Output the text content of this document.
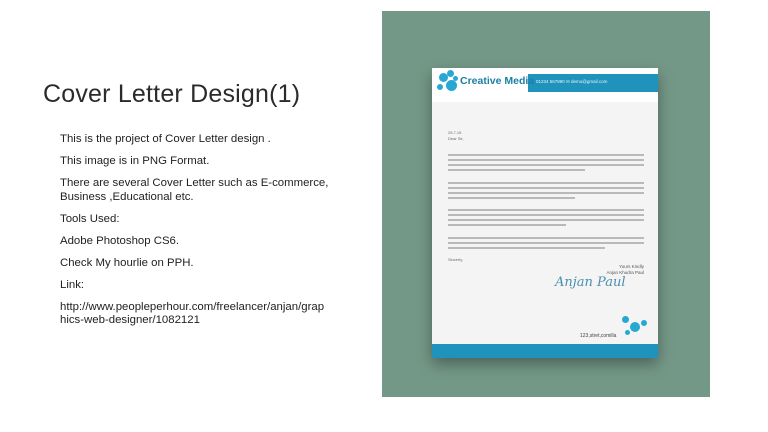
Cover Letter Design(1)
This is the project of Cover Letter design .
This image is in PNG Format.
There are several Cover Letter such as E-commerce, Business ,Educational etc.
Tools Used:
Adobe Photoshop CS6.
Check My hourlie on PPH.
Link:
http://www.peopleperhour.com/freelancer/anjan/graphics-web-designer/1082121
Creative Media 01234 567890 ✉ demo@gmail.com
25.7.15
Dear Sir,
Sincerly,
Yours Kindly
Anjan Khudra Paul
Anjan Paul
123,stret,comilla
